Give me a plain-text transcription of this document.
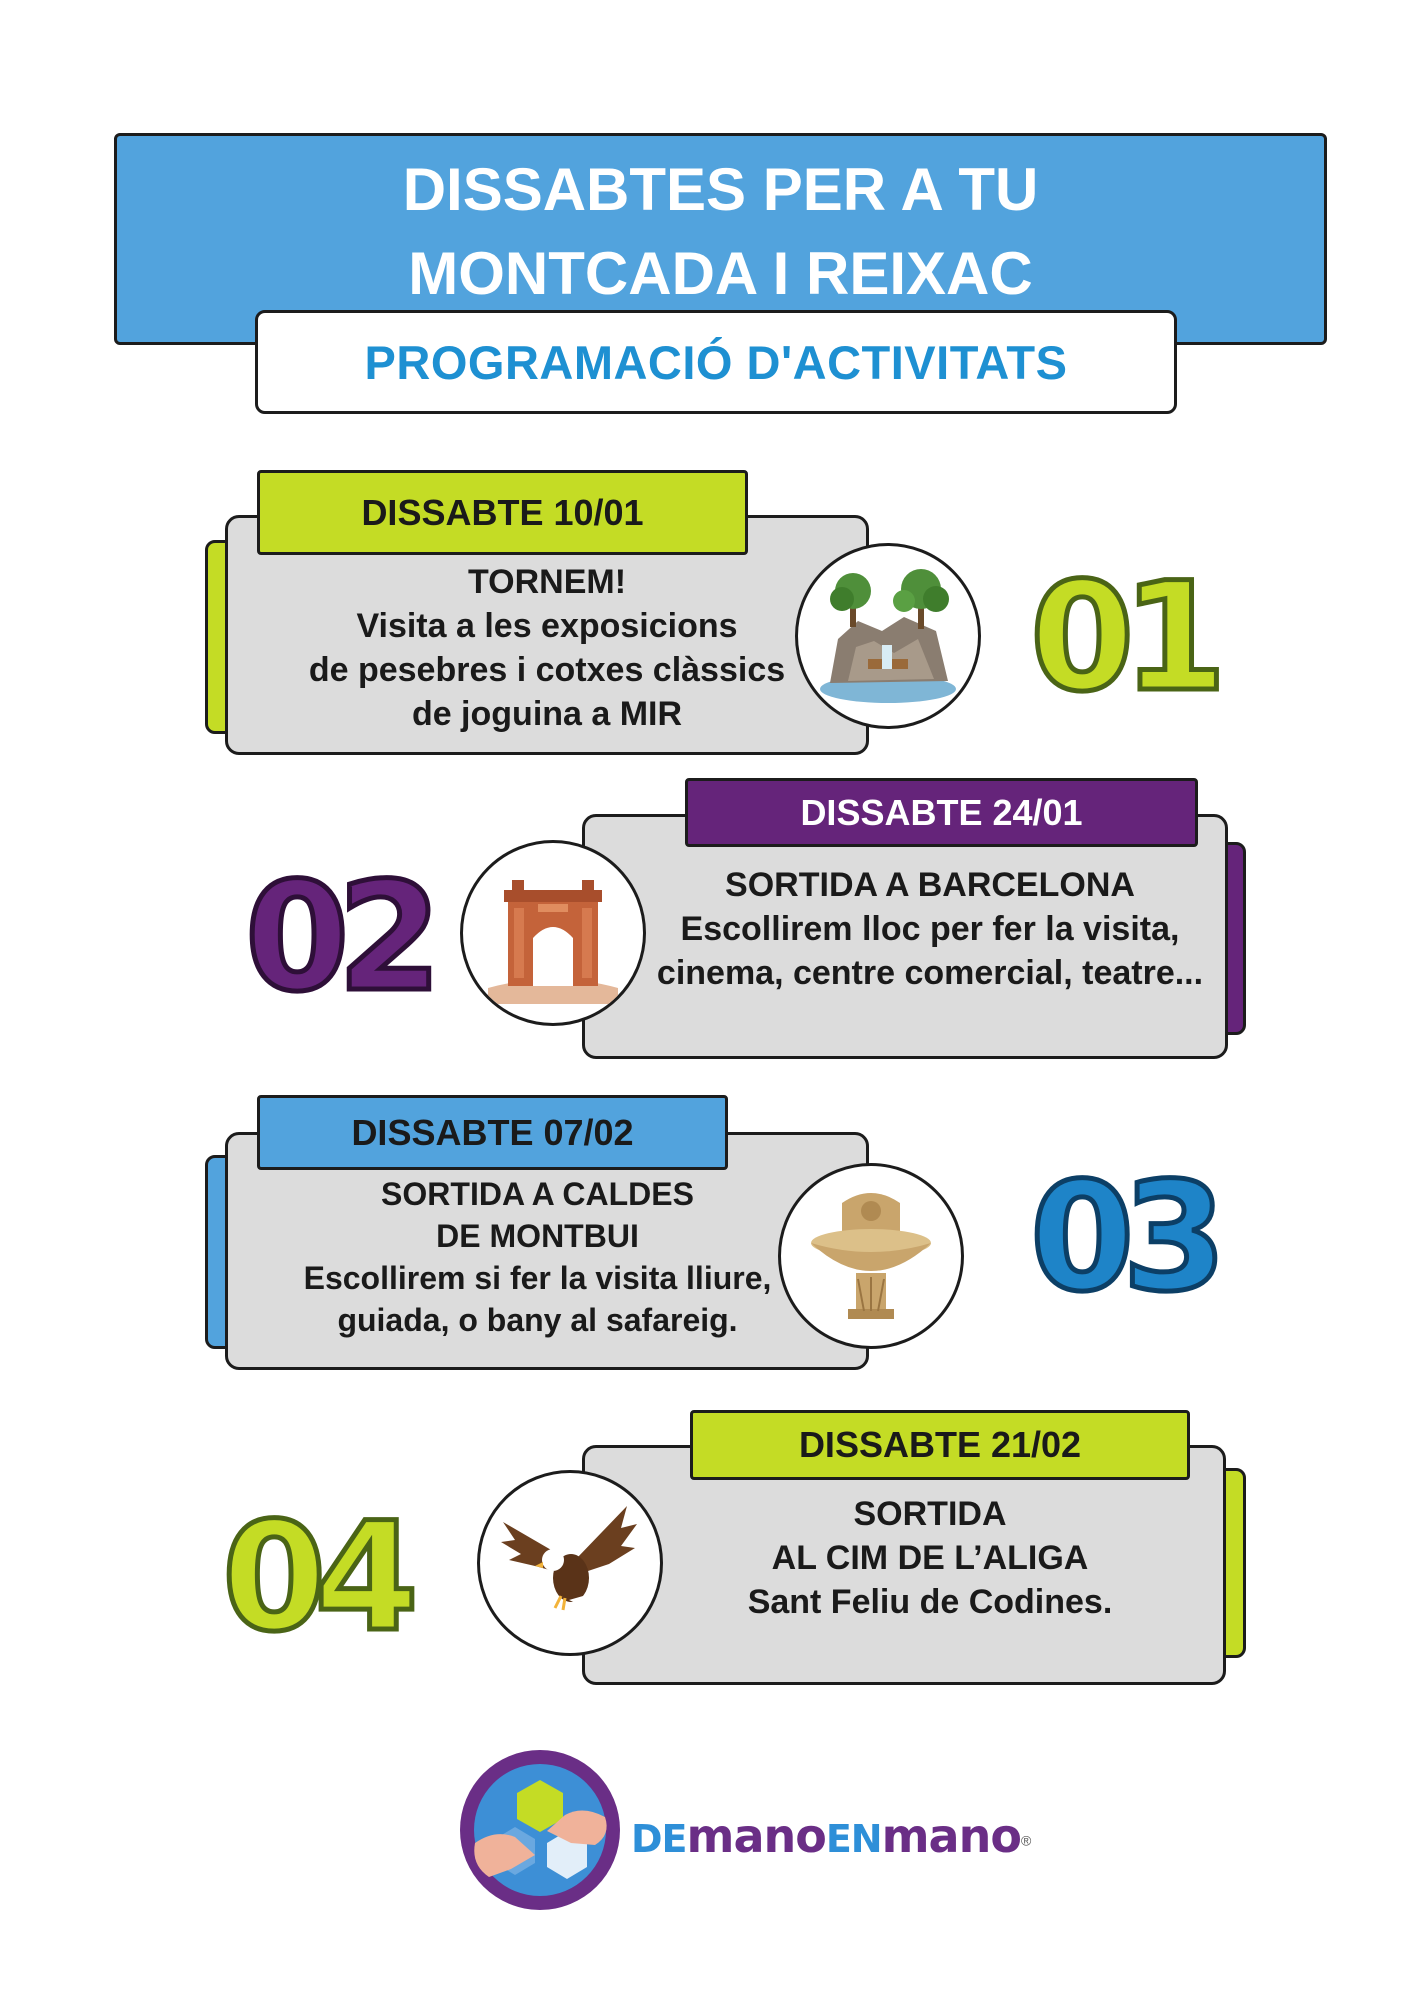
DISSABTES PER A TU
MONTCADA I REIXAC
PROGRAMACIÓ D'ACTIVITATS
DISSABTE 10/01
TORNEM!
Visita a les exposicions
de pesebres i cotxes clàssics
de joguina a MIR	01
DISSABTE 24/01
SORTIDA A BARCELONA
Escollirem lloc per fer la visita,
cinema, centre comercial, teatre...
02
DISSABTE 07/02
SORTIDA A CALDES
DE MONTBUI
Escollirem si fer la visita lliure,
guiada, o bany al safareig.	03
DISSABTE 21/02
SORTIDA
AL CIM DE L’ALIGA
Sant Feliu de Codines.
04
DEmanoENmano®
